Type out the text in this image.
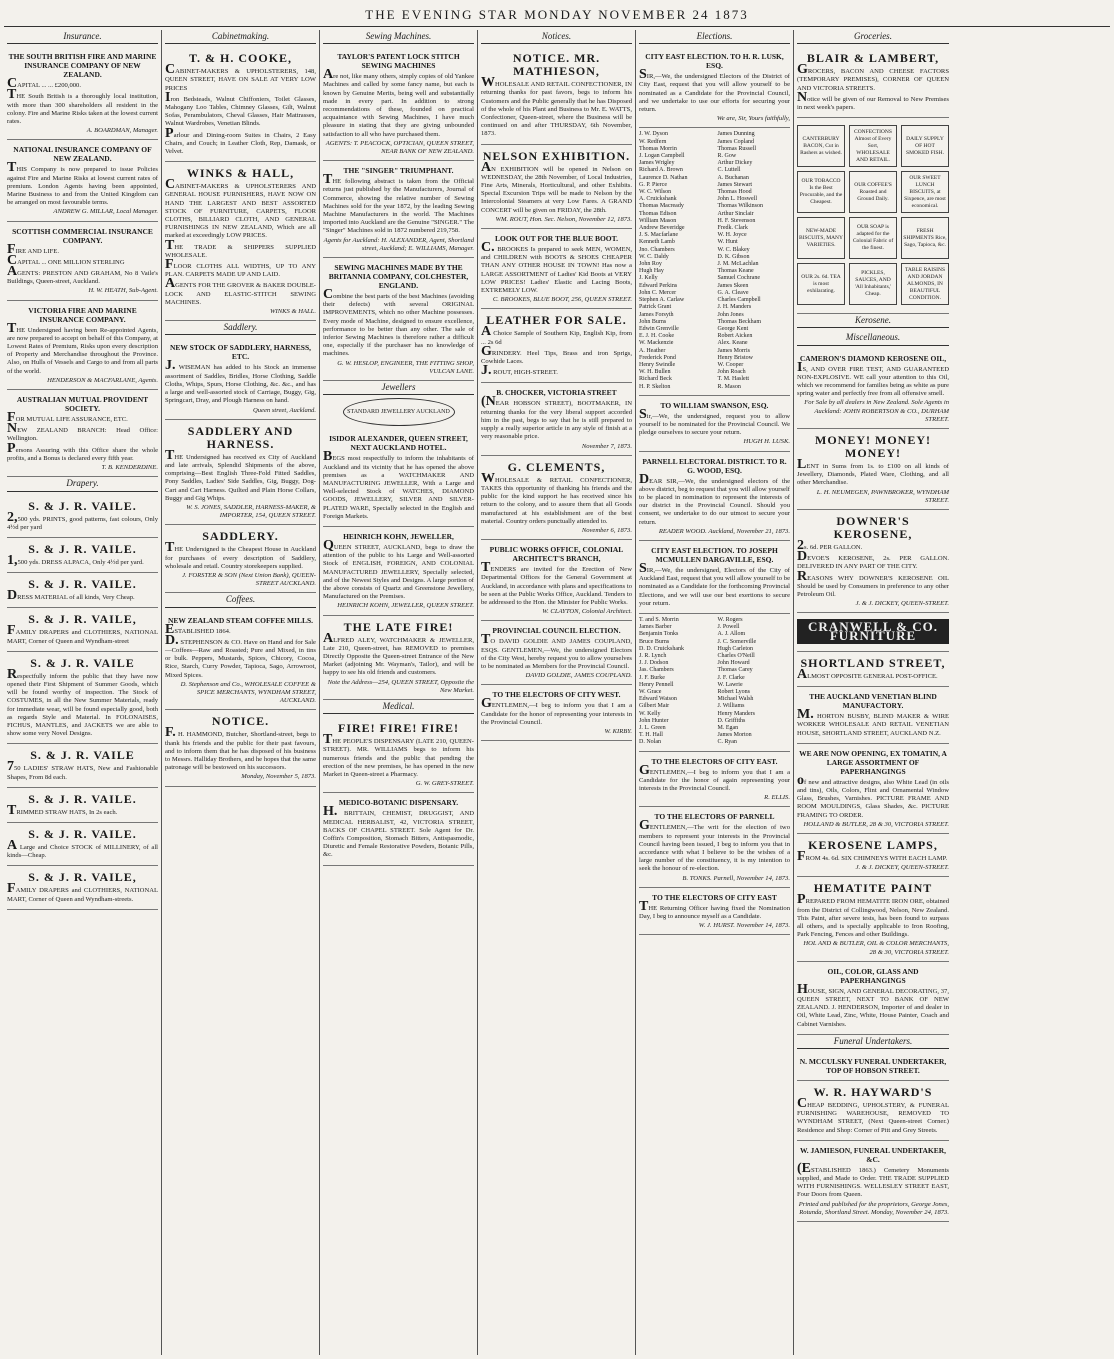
THE EVENING STAR MONDAY NOVEMBER 24 1873
Insurance.
THE SOUTH BRITISH FIRE AND MARINE INSURANCE COMPANY OF NEW ZEALAND.
CAPITAL ... ... £200,000.
THE South British is a thoroughly local institution, with more than 300 shareholders all resident in the colony. Fire and Marine Risks taken at the lowest current rates.
A. BOARDMAN, Manager.
NATIONAL INSURANCE COMPANY OF NEW ZEALAND.
THIS Company is now prepared to issue Policies against Fire and Marine Risks at lowest current rates of premium. London Agents having been appointed, Marine Business to and from the United Kingdom can be arranged on most favourable terms.
ANDREW G. MILLAR, Local Manager.
SCOTTISH COMMERCIAL INSURANCE COMPANY.
FIRE AND LIFE.
CAPITAL ... ONE MILLION STERLING
AGENTS: PRESTON AND GRAHAM, No 8 Vaile's Buildings, Queen-street, Auckland.
H. W. HEATH, Sub-Agent.
VICTORIA FIRE AND MARINE INSURANCE COMPANY.
THE Undersigned having been Re-appointed Agents, are now prepared to accept on behalf of this Company, at Lowest Rates of Premium, Risks upon every description of Property and Merchandise throughout the Province. Also, on Hulls of Vessels and Cargo to and from all parts of the world.
HENDERSON & MACFARLANE, Agents.
AUSTRALIAN MUTUAL PROVIDENT SOCIETY.
FOR MUTUAL LIFE ASSURANCE, ETC.
NEW ZEALAND BRANCH: Head Office: Wellington.
Persons Assuring with this Office share the whole profits, and a Bonus is declared every fifth year.
T. B. KENDERDINE.
Drapery.
S. & J. R. VAILE.
2,500 yds. PRINTS, good patterns, fast colours, Only 4½d per yard
S. & J. R. VAILE.
1,500 yds. DRESS ALPACA, Only 4½d per yard.
S. & J. R. VAILE.
DRESS MATERIAL of all kinds, Very Cheap.
S. & J. R. VAILE,
FAMILY DRAPERS and CLOTHIERS, NATIONAL MART, Corner of Queen and Wyndham-street
S. & J. R. VAILE
Respectfully inform the public that they have now opened their First Shipment of Summer Goods, which will be found worthy of inspection. The Stock of COSTUMES, in all the New Summer Materials, ready for immediate wear, will be found especially good, both as regards Style and Material. In FOLONAISES, FICHUS, MANTLES, and JACKETS we are able to show some very Novel Designs.
S. & J. R. VAILE
750 LADIES' STRAW HATS, New and Fashionable Shapes, From 8d each.
S. & J. R. VAILE.
TRIMMED STRAW HATS, In 2s each.
S. & J. R. VAILE.
A Large and Choice STOCK of MILLINERY, of all kinds—Cheap.
S. & J. R. VAILE,
FAMILY DRAPERS and CLOTHIERS, NATIONAL MART, Corner of Queen and Wyndham-streets.
Cabinetmaking.
T. & H. COOKE,
CABINET-MAKERS & UPHOLSTERERS, 148, QUEEN STREET, HAVE ON SALE AT VERY LOW PRICES
Iron Bedsteads, Walnut Chiffoniers, Toilet Glasses, Mahogany Loo Tables, Chimney Glasses, Gilt, Walnut Sofas, Perambulators, Cheval Glasses, Hair Mattrasses, Walnut Wardrobes, Venetian Blinds.
Parlour and Dining-room Suites in Chairs, 2 Easy Chairs, and Couch; in Leather Cloth, Rep, Damask, or Velvet.
WINKS & HALL,
CABINET-MAKERS & UPHOLSTERERS AND GENERAL HOUSE FURNISHERS, HAVE NOW ON HAND THE LARGEST AND BEST ASSORTED STOCK OF FURNITURE, CARPETS, FLOOR CLOTHS, BILLIARD CLOTH, AND GENERAL FURNISHINGS IN NEW ZEALAND, Which are all marked at exceedingly LOW PRICES.
THE TRADE & SHIPPERS SUPPLIED WHOLESALE.
FLOOR CLOTHS ALL WIDTHS, UP TO ANY PLAN. CARPETS MADE UP AND LAID.
AGENTS FOR THE GROVER & BAKER DOUBLE-LOCK AND ELASTIC-STITCH SEWING MACHINES.
WINKS & HALL.
Saddlery.
NEW STOCK OF SADDLERY, HARNESS, ETC.
J. WISEMAN has added to his Stock an immense assortment of Saddles, Bridles, Horse Clothing, Saddle Cloths, Whips, Spurs, Horse Clothing, &c. &c., and has a large and well-assorted stock of Carriage, Buggy, Gig, Springcart, Dray, and Plough Harness on hand.
Queen street, Auckland.
SADDLERY AND HARNESS.
THE Undersigned has received ex City of Auckland and late arrivals, Splendid Shipments of the above, comprising—Best English Three-Fold Fitted Saddles, Pony Saddles, Ladies' Side Saddles, Gig, Buggy, Dog-Cart and Cart Harness. Quilted and Plain Horse Collars, Buggy and Gig Whips.
W. S. JONES, SADDLER, HARNESS-MAKER, & IMPORTER, 154, QUEEN STREET.
SADDLERY.
THE Undersigned is the Cheapest House in Auckland for purchases of every description of Saddlery, wholesale and retail. Country storekeepers supplied.
J. FORSTER & SON (Next Union Bank), QUEEN-STREET AUCKLAND.
Coffees.
NEW ZEALAND STEAM COFFEE MILLS.
ESTABLISHED 1864.
D. STEPHENSON & CO. Have on Hand and for Sale—Coffees—Raw and Roasted; Pure and Mixed, in tins or bulk. Peppers, Mustards, Spices, Chicory, Cocoa, Rice, Starch, Curry Powder, Tapioca, Sago, Arrowroot, Mixed Spices.
D. Stephenson and Co., WHOLESALE COFFEE & SPICE MERCHANTS, WYNDHAM STREET, AUCKLAND.
NOTICE.
F. H. HAMMOND, Butcher, Shortland-street, begs to thank his friends and the public for their past favours, and to inform them that he has disposed of his business to Messrs. Halliday Brothers, and he hopes that the same patronage will be bestowed on his successors.
Monday, November 5, 1873.
Sewing Machines.
TAYLOR'S PATENT LOCK STITCH SEWING MACHINES
Are not, like many others, simply copies of old Yankee Machines and called by some fancy name, but each is known by Genuine Merits, being well and substantially made in every part. In addition to strong recommendations of these, founded on practical acquaintance with Sewing Machines, I have much pleasure in stating that they are giving unbounded satisfaction to all who have purchased them.
AGENTS: T. PEACOCK, OPTICIAN, QUEEN STREET, NEAR BANK OF NEW ZEALAND.
THE "SINGER" TRIUMPHANT.
THE following abstract is taken from the Official returns just published by the Manufacturers, Journal of Commerce, showing the relative number of Sewing Machines sold for the year 1872, by the leading Sewing Machine Manufacturers in the world. The Machines imported into Auckland are the Genuine "SINGER." The "Singer" Machines sold in 1872 numbered 219,758.
Agents for Auckland: H. ALEXANDER, Agent, Shortland street, Auckland; E. WILLIAMS, Manager.
SEWING MACHINES MADE BY THE BRITANNIA COMPANY, COLCHESTER, ENGLAND.
Combine the best parts of the best Machines (avoiding their defects) with several ORIGINAL IMPROVEMENTS, which no other Machine possesses. Every mode of Machine, designed to ensure excellence, performance to be better than any other. The sale of inferior Sewing Machines is therefore rather a difficult one, especially if the purchaser has no knowledge of machines.
G. W. HESLOP, ENGINEER, THE FITTING SHOP, VULCAN LANE.
Jewellers
STANDARD JEWELLERY AUCKLAND
ISIDOR ALEXANDER, QUEEN STREET, NEXT AUCKLAND HOTEL.
BEGS most respectfully to inform the inhabitants of Auckland and its vicinity that he has opened the above premises as a WATCHMAKER AND MANUFACTURING JEWELLER, With a Large and Well-selected Stock of WATCHES, DIAMOND GOODS, JEWELLERY, SILVER AND SILVER-PLATED WARE, Specially selected in the English and Foreign Markets.
HEINRICH KOHN, JEWELLER,
QUEEN STREET, AUCKLAND, begs to draw the attention of the public to his Large and Well-assorted Stock of ENGLISH, FOREIGN, AND COLONIAL MANUFACTURED JEWELLERY, Specially selected, and of the Newest Styles and Designs. A large portion of the above consists of Quartz and Greenstone Jewellery, Manufactured on the Premises.
HEINRICH KOHN, JEWELLER, QUEEN STREET.
THE LATE FIRE!
ALFRED ALEY, WATCHMAKER & JEWELLER, Late 210, Queen-street, has REMOVED to premises Directly Opposite the Queen-street Entrance of the New Market (adjoining Mr. Wayman's, Tailor), and will be happy to see his old friends and customers.
Note the Address—254, QUEEN STREET, Opposite the New Market.
Medical.
FIRE! FIRE! FIRE!
THE PEOPLE'S DISPENSARY (LATE 210, QUEEN-STREET). MR. WILLIAMS begs to inform his numerous friends and the public that pending the erection of the new premises, he has opened in the new Market in Queen-street a Pharmacy.
G. W. GREY-STREET.
MEDICO-BOTANIC DISPENSARY.
H. BRITTAIN, CHEMIST, DRUGGIST, AND MEDICAL HERBALIST, 42, VICTORIA STREET, BACKS OF CHAPEL STREET. Sole Agent for Dr. Coffin's Composition, Stomach Bitters, Antispasmodic, Diuretic and Female Restorative Powders, Botanic Pills, &c.
Notices.
NOTICE. MR. MATHIESON,
WHOLESALE AND RETAIL CONFECTIONER, IN returning thanks for past favors, begs to inform his Customers and the Public generally that he has Disposed of the whole of his Plant and Business to Mr. E. WATTS, Confectioner, Queen-street, where the Business will be continued on and after THURSDAY, 6th November, 1873.
NELSON EXHIBITION.
AN EXHIBITION will be opened in Nelson on WEDNESDAY, the 28th November, of Local Industries, Fine Arts, Minerals, Horticultural, and other Exhibits. Special Excursion Trips will be made to Nelson by the Intercolonial Steamers at very Low Fares. A GRAND CONCERT will be given on FRIDAY, the 28th.
WM. ROUT, Hon. Sec. Nelson, November 12, 1873.
LOOK OUT FOR THE BLUE BOOT.
C. BROOKES Is prepared to seek MEN, WOMEN, and CHILDREN with BOOTS & SHOES CHEAPER THAN ANY OTHER HOUSE IN TOWN! Has now a LARGE ASSORTMENT of Ladies' Kid Boots at VERY LOW PRICES! Ladies' Elastic and Lacing Boots, EXTREMELY LOW.
C. BROOKES, BLUE BOOT, 256, QUEEN STREET.
LEATHER FOR SALE.
A Choice Sample of Southern Kip, English Kip, from ... 2s 6d
GRINDERY. Heel Tips, Brass and iron Sprigs, Cowhide Laces.
J. ROUT, HIGH-STREET.
B. CHOCKER, VICTORIA STREET
(NEAR HOBSON STREET), BOOTMAKER, IN returning thanks for the very liberal support accorded him in the past, begs to say that he is still prepared to supply a really superior article in any style of finish at a very reasonable price.
November 7, 1873.
G. CLEMENTS,
WHOLESALE & RETAIL CONFECTIONER, TAKES this opportunity of thanking his friends and the public for the kind support he has received since his return to the colony, and to assure them that all Goods manufactured at his establishment are of the best material. Country orders punctually attended to.
November 6, 1873.
PUBLIC WORKS OFFICE, COLONIAL ARCHITECT'S BRANCH,
TENDERS are invited for the Erection of New Departmental Offices for the General Government at Auckland, in accordance with plans and specifications to be seen at the Public Works Office, Auckland. Tenders to be addressed to the Hon. the Minister for Public Works.
W. CLAYTON, Colonial Architect.
PROVINCIAL COUNCIL ELECTION.
TO DAVID GOLDIE AND JAMES COUPLAND, ESQS. GENTLEMEN,—We, the undersigned Electors of the City West, hereby request you to allow yourselves to be nominated as Members for the Provincial Council.
DAVID GOLDIE, JAMES COUPLAND.
TO THE ELECTORS OF CITY WEST.
GENTLEMEN,—I beg to inform you that I am a Candidate for the honor of representing your interests in the Provincial Council.
W. KIRBY.
Elections.
CITY EAST ELECTION. TO H. R. LUSK, ESQ.
SIR,—We, the undersigned Electors of the District of City East, request that you will allow yourself to be nominated as a Candidate for the Provincial Council, and we undertake to use our efforts for securing your return.
We are, Sir, Yours faithfully,
J. W. Dyson
W. Redfern
Thomas Morrin
J. Logan Campbell
James Wrigley
Richard A. Brown
Laurence D. Nathan
G. P. Pierce
W. C. Wilson
A. Cruickshank
Thomas Macready
Thomas Edison
William Mason
Andrew Beveridge
J. S. Macfarlane
Kenneth Lamb
Jno. Chambers
W. C. Daldy
John Roy
Hugh Hay
J. Kelly
Edward Perkins
John C. Mercer
Stephen A. Carlaw
Patrick Grant
James Forsyth
John Burns
Edwin Grenville
E. J. H. Cooke
W. Mackenzie
A. Heather
Frederick Pond
Henry Swindle
W. H. Bullen
Richard Beck
H. P. Skelton
James Dunning
James Copland
Thomas Russell
R. Gow
Arthur Dickey
C. Luttell
A. Buchanan
James Stewart
Thomas Hood
John L. Hoswell
Thomas Wilkinson
Arthur Sinclair
H. F. Stevenson
Fredk. Clark
W. H. Joyce
W. Hunt
W. C. Blakey
D. K. Gibson
J. M. McLachlan
Thomas Keane
Samuel Cochrane
James Skeen
G. A. Cleave
Charles Campbell
J. H. Manders
John Jones
Thomas Beckham
George Kent
Robert Aicken
Alex. Keane
James Morris
Henry Bristow
W. Cooper
John Roach
T. M. Haslett
R. Mason
TO WILLIAM SWANSON, ESQ.
Sir,—We, the undersigned, request you to allow yourself to be nominated for the Provincial Council. We pledge ourselves to secure your return.
HUGH H. LUSK.
PARNELL ELECTORAL DISTRICT. TO R. G. WOOD, ESQ.
DEAR SIR,—We, the undersigned electors of the above district, beg to request that you will allow yourself to be placed in nomination to represent the interests of our district in the Provincial Council. Should you consent, we undertake to do our utmost to secure your return.
READER WOOD. Auckland, November 21, 1873.
CITY EAST ELECTION. TO JOSEPH MCMULLEN DARGAVILLE, ESQ.
SIR,—We, the undersigned, Electors of the City of Auckland East, request that you will allow yourself to be nominated as a Candidate for the forthcoming Provincial Elections, and we will use our best exertions to secure your return.
T. and S. Morrin
James Barber
Benjamin Tonks
Bruce Burns
D. D. Cruickshank
J. R. Lynch
J. J. Dodson
Jas. Chambers
J. F. Burke
Henry Pennell
W. Grace
Edward Watson
Gilbert Mair
W. Kelly
John Hunter
J. L. Green
T. H. Hall
D. Nolan
W. Rogers
J. Powell
A. J. Allom
J. C. Somerville
Hugh Carleton
Charles O'Neill
John Howard
Thomas Carey
J. F. Clarke
W. Lawrie
Robert Lyons
Michael Walsh
J. Williams
Henry Manders
D. Griffiths
M. Egan
James Morton
C. Ryan
TO THE ELECTORS OF CITY EAST.
GENTLEMEN,—I beg to inform you that I am a Candidate for the honor of again representing your interests in the Provincial Council.
R. ELLIS.
TO THE ELECTORS OF PARNELL
GENTLEMEN,—The writ for the election of two members to represent your interests in the Provincial Council having been issued, I beg to inform you that in accordance with what I believe to be the wishes of a large number of the constituency, it is my intention to seek the honour of re-election.
B. TONKS. Parnell, November 14, 1873.
TO THE ELECTORS OF CITY EAST
THE Returning Officer having fixed the Nomination Day, I beg to announce myself as a Candidate.
W. J. HURST. November 14, 1873.
Groceries.
BLAIR & LAMBERT,
GROCERS, BACON AND CHEESE FACTORS (TEMPORARY PREMISES), CORNER OF QUEEN AND VICTORIA STREETS.
Notice will be given of our Removal to New Premises in next week's papers.
CANTERBURY BACON, Cut in Rashers as wished.
CONFECTIONS Almost of Every Sort, WHOLESALE AND RETAIL.
DAILY SUPPLY OF HOT SMOKED FISH.
OUR TOBACCO Is the Best Procurable, and the Cheapest.
OUR COFFEE'S Roasted and Ground Daily.
OUR SWEET LUNCH BISCUITS, at Sixpence, are most economical.
NEW-MADE BISCUITS, MANY VARIETIES.
OUR SOAP is adapted for the Colonial Fabric of the finest.
FRESH SHIPMENTS Rice, Sago, Tapioca, &c.
OUR 2s. 6d. TEA is most exhilarating.
PICKLES, SAUCES, AND 'All Inhabitants,' Cheap.
TABLE RAISINS AND JORDAN ALMONDS, IN BEAUTIFUL CONDITION.
Kerosene.
Miscellaneous.
CAMERON'S DIAMOND KEROSENE OIL,
IS, AND OVER FIRE TEST, AND GUARANTEED NON-EXPLOSIVE. WE call your attention to this Oil, which we recommend for families being as white as pure spring water and perfectly free from all offensive smell.
For Sale by all dealers in New Zealand. Sole Agents in Auckland: JOHN ROBERTSON & CO., DURHAM STREET.
MONEY! MONEY! MONEY!
LENT in Sums from 1s. to £100 on all kinds of Jewellery, Diamonds, Plated Ware, Clothing, and all other Merchandise.
L. H. NEUMEGEN, PAWNBROKER, WYNDHAM STREET.
DOWNER'S KEROSENE,
2s. 6d. PER GALLON.
DEVOE'S KEROSENE, 2s. PER GALLON. DELIVERED IN ANY PART OF THE CITY.
REASONS WHY DOWNER'S KEROSENE OIL Should be used by Consumers in preference to any other Petroleum Oil.
J. & J. DICKEY, QUEEN-STREET.
CRANWELL & CO. FURNITURE
SHORTLAND STREET,
ALMOST OPPOSITE GENERAL POST-OFFICE.
THE AUCKLAND VENETIAN BLIND MANUFACTORY.
M. HORTON BUSBY, BLIND MAKER & WIRE WORKER WHOLESALE AND RETAIL VENETIAN HOUSE, SHORTLAND STREET, AUCKLAND N.Z.
WE ARE NOW OPENING, EX TOMATIN, A LARGE ASSORTMENT OF PAPERHANGINGS
of new and attractive designs, also White Lead (in oils and tins), Oils, Colors, Flint and Ornamental Window Glass, Brushes, Varnishes. PICTURE FRAME AND ROOM MOULDINGS, Glass Shades, &c. PICTURE FRAMING TO ORDER.
HOLLAND & BUTLER, 28 & 30, VICTORIA STREET.
KEROSENE LAMPS,
FROM 4s. 6d. SIX CHIMNEYS WITH EACH LAMP.
J. & J. DICKEY, QUEEN-STREET.
HEMATITE PAINT
PREPARED FROM HEMATITE IRON ORE, obtained from the District of Collingwood, Nelson, New Zealand. This Paint, after severe tests, has been found to surpass all others, and is specially applicable to Iron Roofing, Park Fencing, Fences and other Buildings.
HOL AND & BUTLER, OIL & COLOR MERCHANTS, 28 & 30, VICTORIA STREET.
OIL, COLOR, GLASS AND PAPERHANGINGS
HOUSE, SIGN, AND GENERAL DECORATING, 37, QUEEN STREET, NEXT TO BANK OF NEW ZEALAND. J. HENDERSON, Importer of and dealer in Oil, White Lead, Zinc, White, House Painter, Coach and Cabinet Varnishes.
Funeral Undertakers.
N. MCCULSKY FUNERAL UNDERTAKER, TOP OF HOBSON STREET.
W. R. HAYWARD'S
CHEAP BEDDING, UPHOLSTERY, & FUNERAL FURNISHING WAREHOUSE, REMOVED TO WYNDHAM STREET, (Next Queen-street Corner.) Residence and Shop: Corner of Pitt and Grey Streets.
W. JAMIESON, FUNERAL UNDERTAKER, &C.
(ESTABLISHED 1863.) Cemetery Monuments supplied, and Made to Order. THE TRADE SUPPLIED WITH FURNISHINGS. WELLESLEY STREET EAST, Four Doors from Queen.
Printed and published for the proprietors, George Jones, Rotunda, Shortland Street. Monday, November 24, 1873.
